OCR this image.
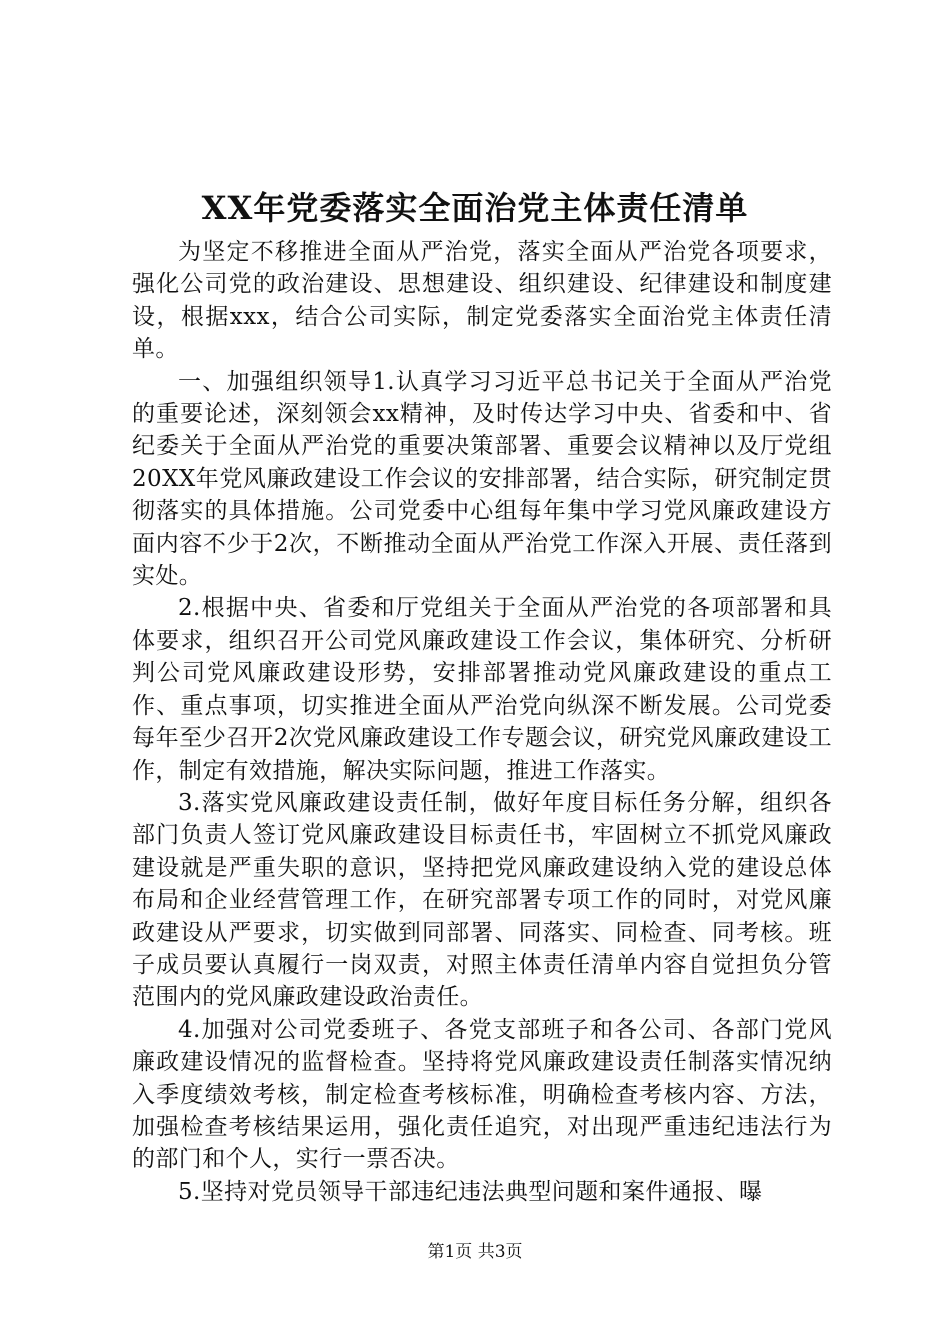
XX年党委落实全面治党主体责任清单

为坚定不移推进全面从严治党，落实全面从严治党各项要求，强化公司党的政治建设、思想建设、组织建设、纪律建设和制度建设，根据xxx，结合公司实际，制定党委落实全面治党主体责任清单。

一、加强组织领导1.认真学习习近平总书记关于全面从严治党的重要论述，深刻领会xx精神，及时传达学习中央、省委和中、省纪委关于全面从严治党的重要决策部署、重要会议精神以及厅党组20XX年党风廉政建设工作会议的安排部署，结合实际，研究制定贯彻落实的具体措施。公司党委中心组每年集中学习党风廉政建设方面内容不少于2次，不断推动全面从严治党工作深入开展、责任落到实处。

2.根据中央、省委和厅党组关于全面从严治党的各项部署和具体要求，组织召开公司党风廉政建设工作会议，集体研究、分析研判公司党风廉政建设形势，安排部署推动党风廉政建设的重点工作、重点事项，切实推进全面从严治党向纵深不断发展。公司党委每年至少召开2次党风廉政建设工作专题会议，研究党风廉政建设工作，制定有效措施，解决实际问题，推进工作落实。

3.落实党风廉政建设责任制，做好年度目标任务分解，组织各部门负责人签订党风廉政建设目标责任书，牢固树立不抓党风廉政建设就是严重失职的意识，坚持把党风廉政建设纳入党的建设总体布局和企业经营管理工作，在研究部署专项工作的同时，对党风廉政建设从严要求，切实做到同部署、同落实、同检查、同考核。班子成员要认真履行一岗双责，对照主体责任清单内容自觉担负分管范围内的党风廉政建设政治责任。

4.加强对公司党委班子、各党支部班子和各公司、各部门党风廉政建设情况的监督检查。坚持将党风廉政建设责任制落实情况纳入季度绩效考核，制定检查考核标准，明确检查考核内容、方法，加强检查考核结果运用，强化责任追究，对出现严重违纪违法行为的部门和个人，实行一票否决。

5.坚持对党员领导干部违纪违法典型问题和案件通报、曝

第1页 共3页
